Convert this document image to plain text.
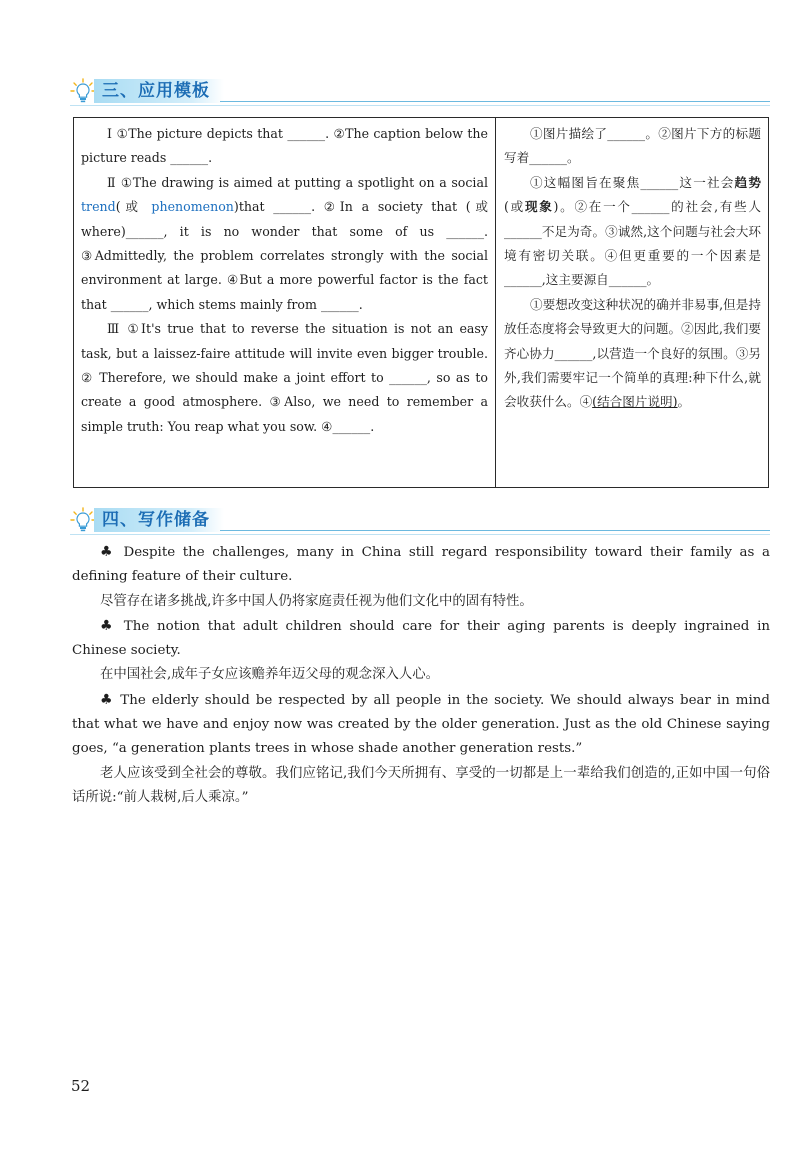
三、应用模板

Ⅰ ①The picture depicts that ______. ②The caption below the picture reads ______.

Ⅱ ①The drawing is aimed at putting a spotlight on a social trend(或 phenomenon)that ______. ②In a society that (或 where)______, it is no wonder that some of us ______. ③Admittedly, the problem correlates strongly with the social environment at large. ④But a more powerful factor is the fact that ______, which stems mainly from ______.

Ⅲ ①It's true that to reverse the situation is not an easy task, but a laissez-faire attitude will invite even bigger trouble. ② Therefore, we should make a joint effort to ______, so as to create a good atmosphere. ③Also, we need to remember a simple truth: You reap what you sow. ④______.

①图片描绘了______。②图片下方的标题写着______。

①这幅图旨在聚焦______这一社会趋势(或现象)。②在一个______的社会,有些人______不足为奇。③诚然,这个问题与社会大环境有密切关联。④但更重要的一个因素是______,这主要源自______。

①要想改变这种状况的确并非易事,但是持放任态度将会导致更大的问题。②因此,我们要齐心协力______,以营造一个良好的氛围。③另外,我们需要牢记一个简单的真理:种下什么,就会收获什么。④(结合图片说明)。

四、写作储备

♣ Despite the challenges, many in China still regard responsibility toward their family as a defining feature of their culture.

尽管存在诸多挑战,许多中国人仍将家庭责任视为他们文化中的固有特性。

♣ The notion that adult children should care for their aging parents is deeply ingrained in Chinese society.

在中国社会,成年子女应该赡养年迈父母的观念深入人心。

♣ The elderly should be respected by all people in the society. We should always bear in mind that what we have and enjoy now was created by the older generation. Just as the old Chinese saying goes, “a generation plants trees in whose shade another generation rests.”

老人应该受到全社会的尊敬。我们应铭记,我们今天所拥有、享受的一切都是上一辈给我们创造的,正如中国一句俗话所说:“前人栽树,后人乘凉。”

52
